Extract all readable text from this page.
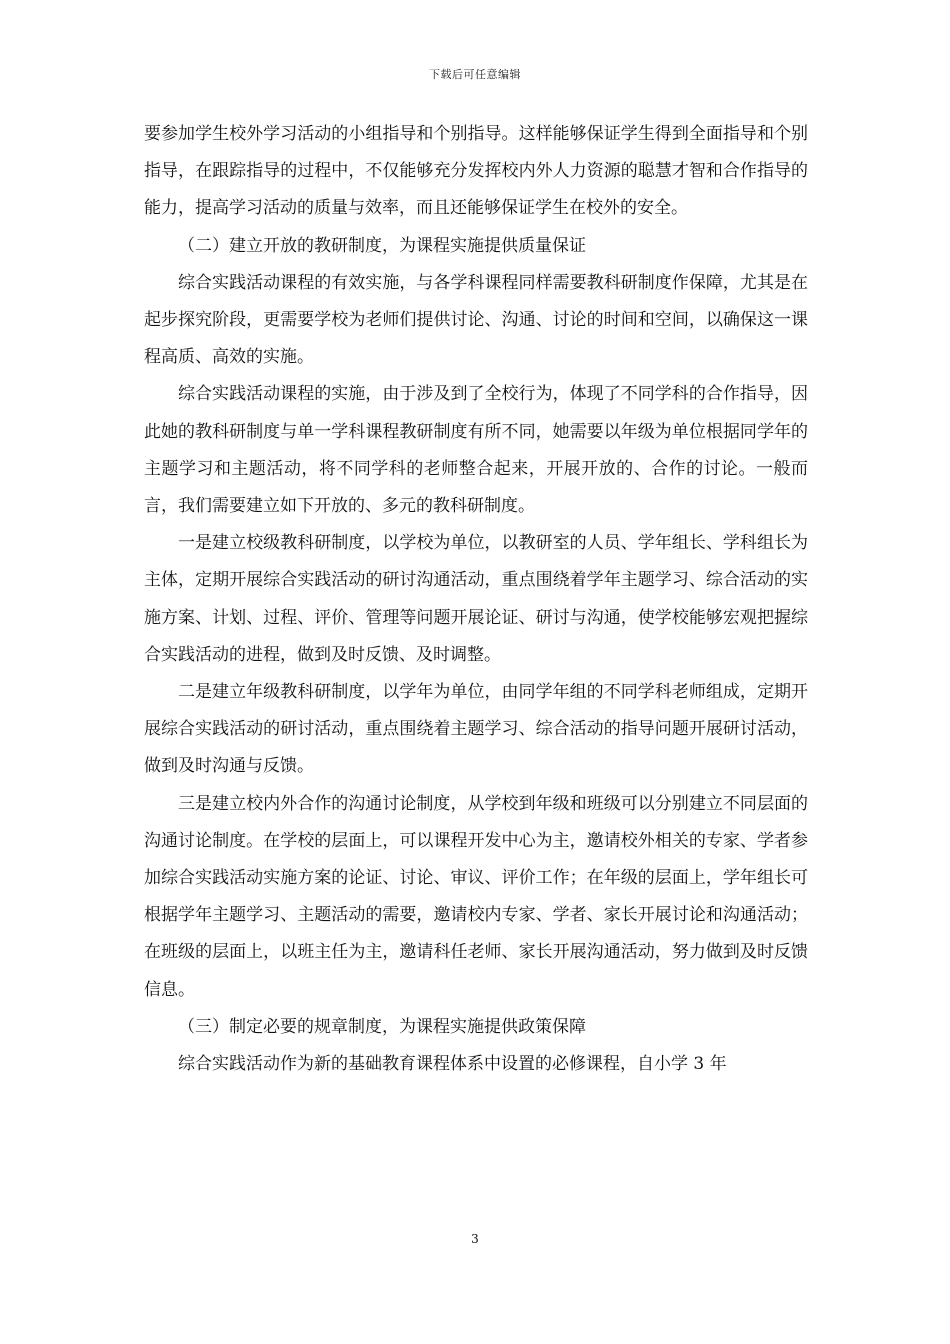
下载后可任意编辑

要参加学生校外学习活动的小组指导和个别指导。这样能够保证学生得到全面指导和个别指导，在跟踪指导的过程中，不仅能够充分发挥校内外人力资源的聪慧才智和合作指导的能力，提高学习活动的质量与效率，而且还能够保证学生在校外的安全。

（二）建立开放的教研制度，为课程实施提供质量保证

综合实践活动课程的有效实施，与各学科课程同样需要教科研制度作保障，尤其是在起步探究阶段，更需要学校为老师们提供讨论、沟通、讨论的时间和空间，以确保这一课程高质、高效的实施。

综合实践活动课程的实施，由于涉及到了全校行为，体现了不同学科的合作指导，因此她的教科研制度与单一学科课程教研制度有所不同，她需要以年级为单位根据同学年的主题学习和主题活动，将不同学科的老师整合起来，开展开放的、合作的讨论。一般而言，我们需要建立如下开放的、多元的教科研制度。

一是建立校级教科研制度，以学校为单位，以教研室的人员、学年组长、学科组长为主体，定期开展综合实践活动的研讨沟通活动，重点围绕着学年主题学习、综合活动的实施方案、计划、过程、评价、管理等问题开展论证、研讨与沟通，使学校能够宏观把握综合实践活动的进程，做到及时反馈、及时调整。

二是建立年级教科研制度，以学年为单位，由同学年组的不同学科老师组成，定期开展综合实践活动的研讨活动，重点围绕着主题学习、综合活动的指导问题开展研讨活动，做到及时沟通与反馈。

三是建立校内外合作的沟通讨论制度，从学校到年级和班级可以分别建立不同层面的沟通讨论制度。在学校的层面上，可以课程开发中心为主，邀请校外相关的专家、学者参加综合实践活动实施方案的论证、讨论、审议、评价工作；在年级的层面上，学年组长可根据学年主题学习、主题活动的需要，邀请校内专家、学者、家长开展讨论和沟通活动；在班级的层面上，以班主任为主，邀请科任老师、家长开展沟通活动，努力做到及时反馈信息。

（三）制定必要的规章制度，为课程实施提供政策保障

综合实践活动作为新的基础教育课程体系中设置的必修课程，自小学 3 年

3
